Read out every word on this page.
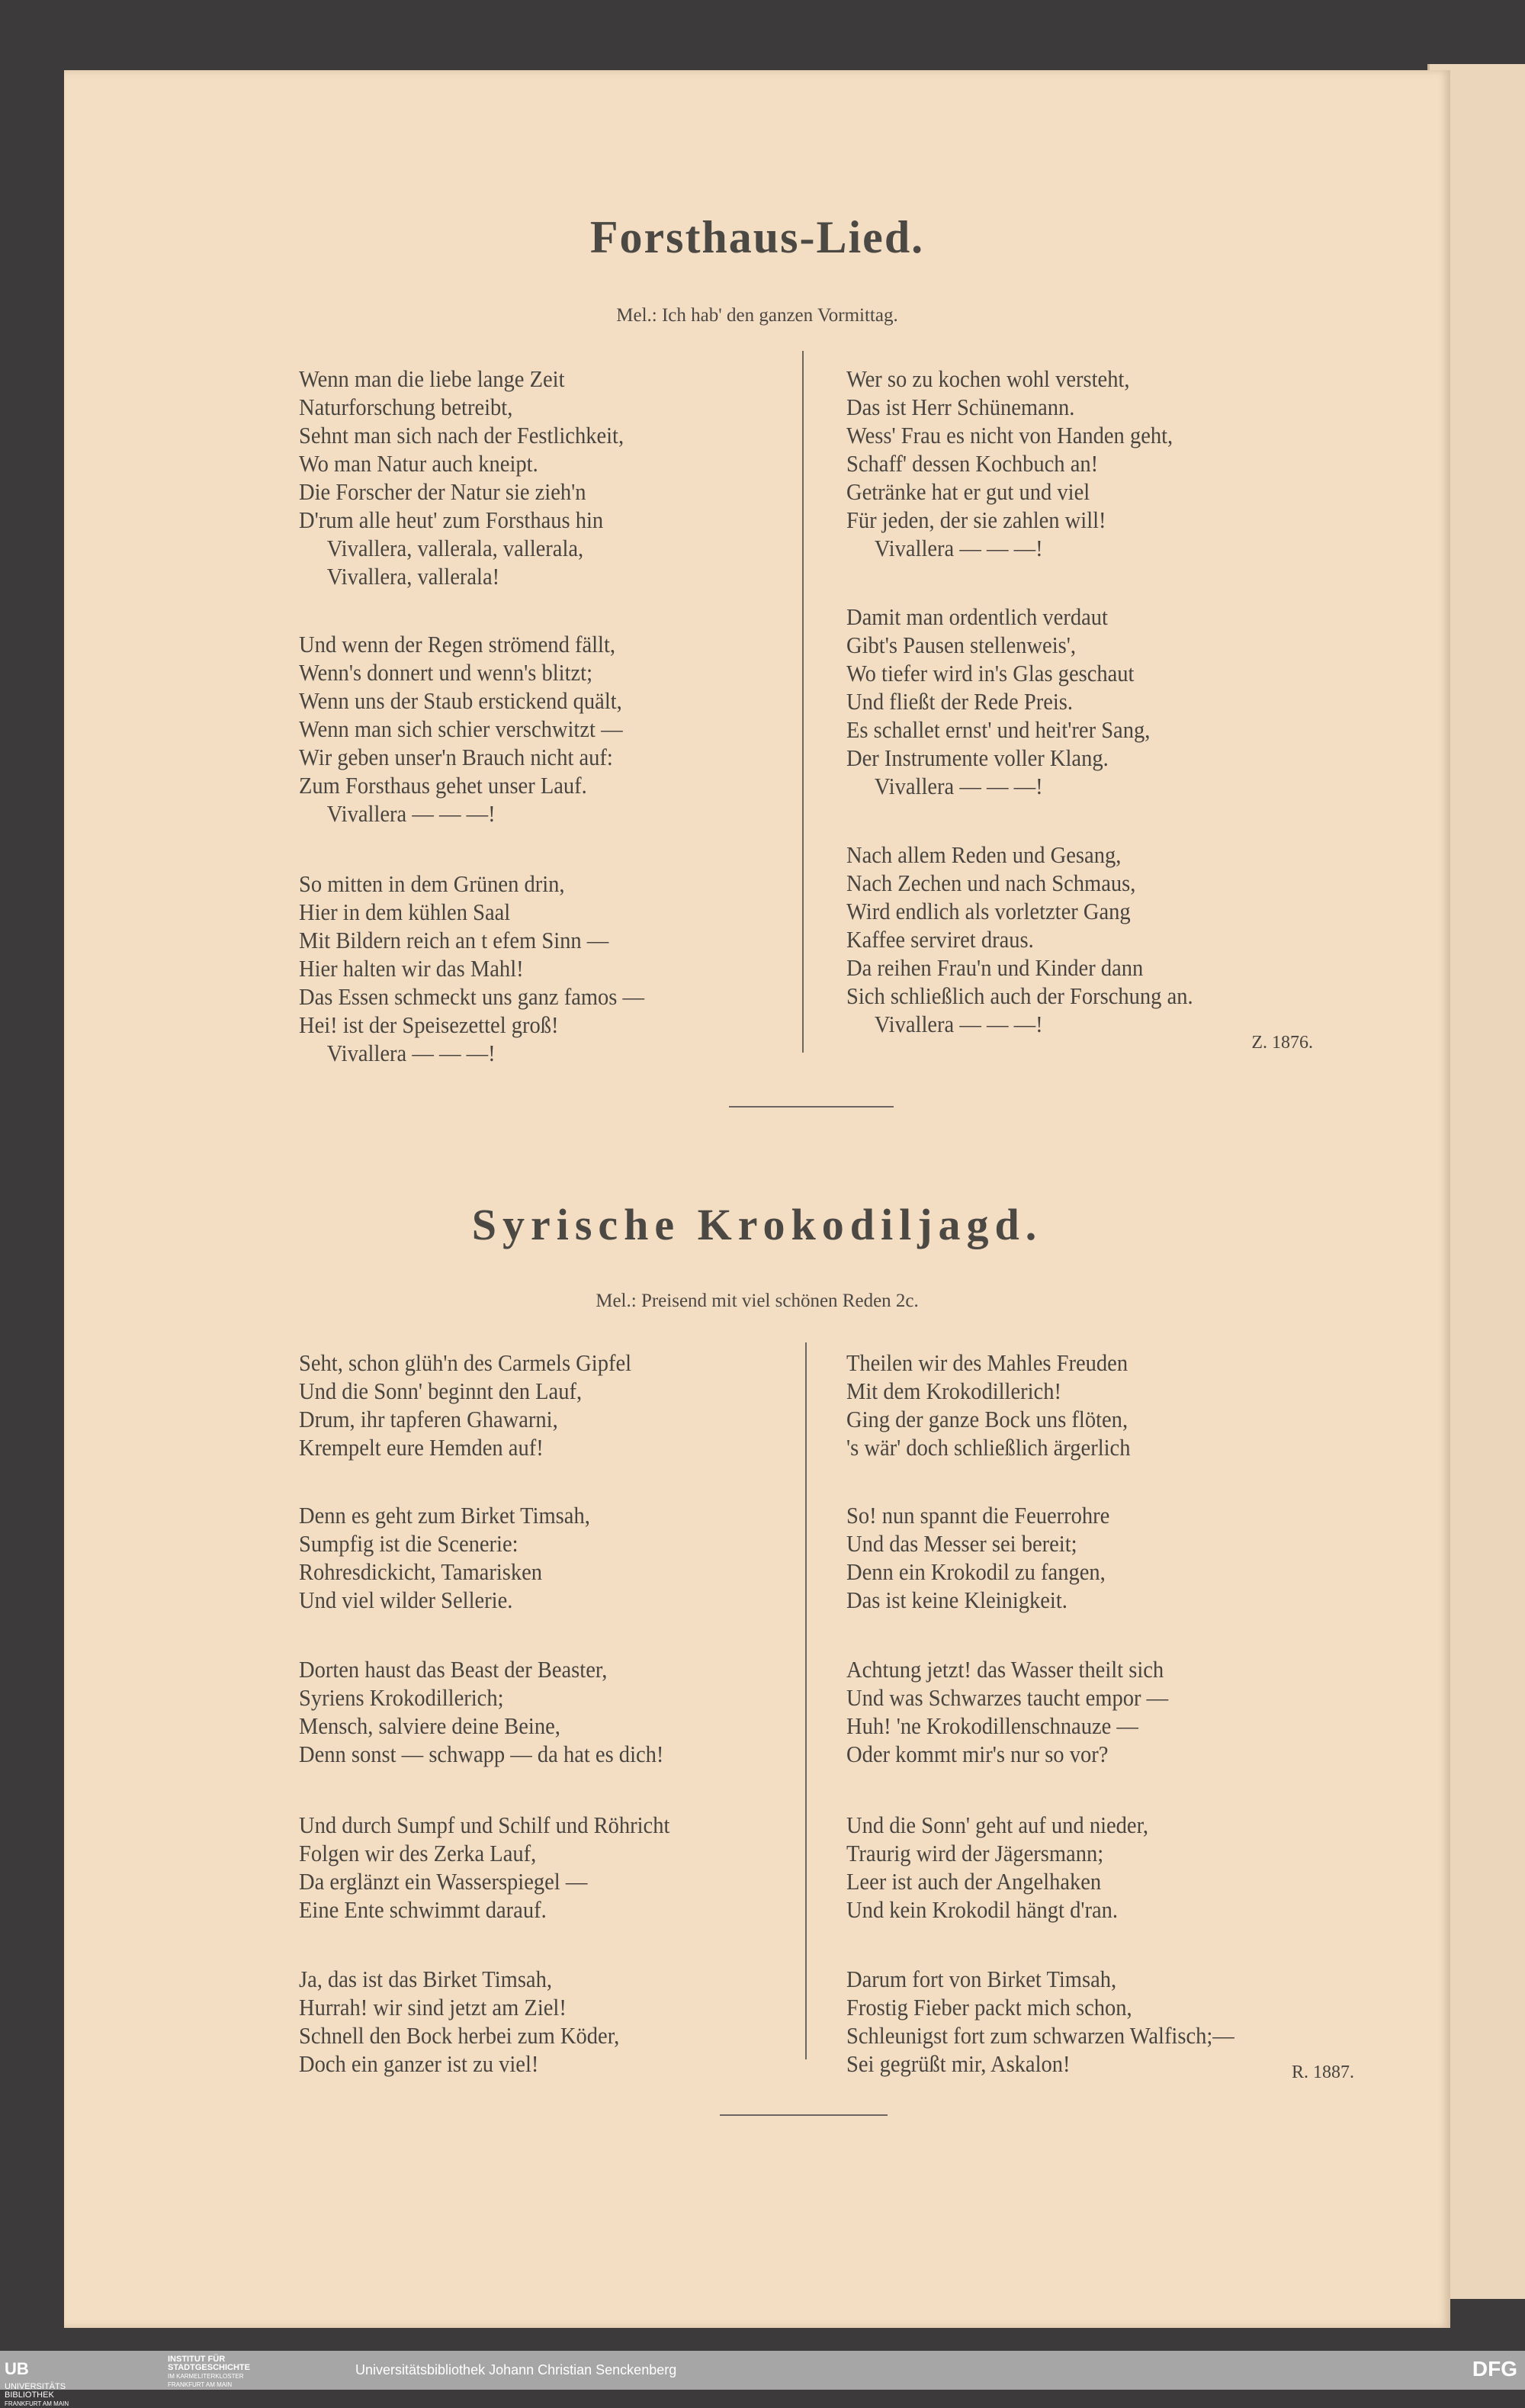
Forsthaus-Lied.
Mel.: Ich hab' den ganzen Vormittag.
Wenn man die liebe lange Zeit
Naturforschung betreibt,
Sehnt man sich nach der Festlichkeit,
Wo man Natur auch kneipt.
Die Forscher der Natur sie zieh'n
D'rum alle heut' zum Forsthaus hin
Vivallera, vallerala, vallerala,
Vivallera, vallerala!
Und wenn der Regen strömend fällt,
Wenn's donnert und wenn's blitzt;
Wenn uns der Staub erstickend quält,
Wenn man sich schier verschwitzt —
Wir geben unser'n Brauch nicht auf:
Zum Forsthaus gehet unser Lauf.
Vivallera — — —!
So mitten in dem Grünen drin,
Hier in dem kühlen Saal
Mit Bildern reich an t efem Sinn —
Hier halten wir das Mahl!
Das Essen schmeckt uns ganz famos —
Hei! ist der Speisezettel groß!
Vivallera — — —!
Wer so zu kochen wohl versteht,
Das ist Herr Schünemann.
Wess' Frau es nicht von Handen geht,
Schaff' dessen Kochbuch an!
Getränke hat er gut und viel
Für jeden, der sie zahlen will!
Vivallera — — —!
Damit man ordentlich verdaut
Gibt's Pausen stellenweis',
Wo tiefer wird in's Glas geschaut
Und fließt der Rede Preis.
Es schallet ernst' und heit'rer Sang,
Der Instrumente voller Klang.
Vivallera — — —!
Nach allem Reden und Gesang,
Nach Zechen und nach Schmaus,
Wird endlich als vorletzter Gang
Kaffee serviret draus.
Da reihen Frau'n und Kinder dann
Sich schließlich auch der Forschung an.
Vivallera — — —!
Z. 1876.
Syrische Krokodiljagd.
Mel.: Preisend mit viel schönen Reden 2c.
Seht, schon glüh'n des Carmels Gipfel
Und die Sonn' beginnt den Lauf,
Drum, ihr tapferen Ghawarni,
Krempelt eure Hemden auf!
Denn es geht zum Birket Timsah,
Sumpfig ist die Scenerie:
Rohresdickicht, Tamarisken
Und viel wilder Sellerie.
Dorten haust das Beast der Beaster,
Syriens Krokodillerich;
Mensch, salviere deine Beine,
Denn sonst — schwapp — da hat es dich!
Und durch Sumpf und Schilf und Röhricht
Folgen wir des Zerka Lauf,
Da erglänzt ein Wasserspiegel —
Eine Ente schwimmt darauf.
Ja, das ist das Birket Timsah,
Hurrah! wir sind jetzt am Ziel!
Schnell den Bock herbei zum Köder,
Doch ein ganzer ist zu viel!
Theilen wir des Mahles Freuden
Mit dem Krokodillerich!
Ging der ganze Bock uns flöten,
's wär' doch schließlich ärgerlich
So! nun spannt die Feuerrohre
Und das Messer sei bereit;
Denn ein Krokodil zu fangen,
Das ist keine Kleinigkeit.
Achtung jetzt! das Wasser theilt sich
Und was Schwarzes taucht empor —
Huh! 'ne Krokodillenschnauze —
Oder kommt mir's nur so vor?
Und die Sonn' geht auf und nieder,
Traurig wird der Jägersmann;
Leer ist auch der Angelhaken
Und kein Krokodil hängt d'ran.
Darum fort von Birket Timsah,
Frostig Fieber packt mich schon,
Schleunigst fort zum schwarzen Walfisch;—
Sei gegrüßt mir, Askalon!	R. 1887.
UB
UNIVERSITÄTS
BIBLIOTHEK
FRANKFURT AM MAIN
INSTITUT FÜR
STADTGESCHICHTE
IM KARMELITERKLOSTER
FRANKFURT AM MAIN
Universitätsbibliothek Johann Christian Senckenberg	DFG
